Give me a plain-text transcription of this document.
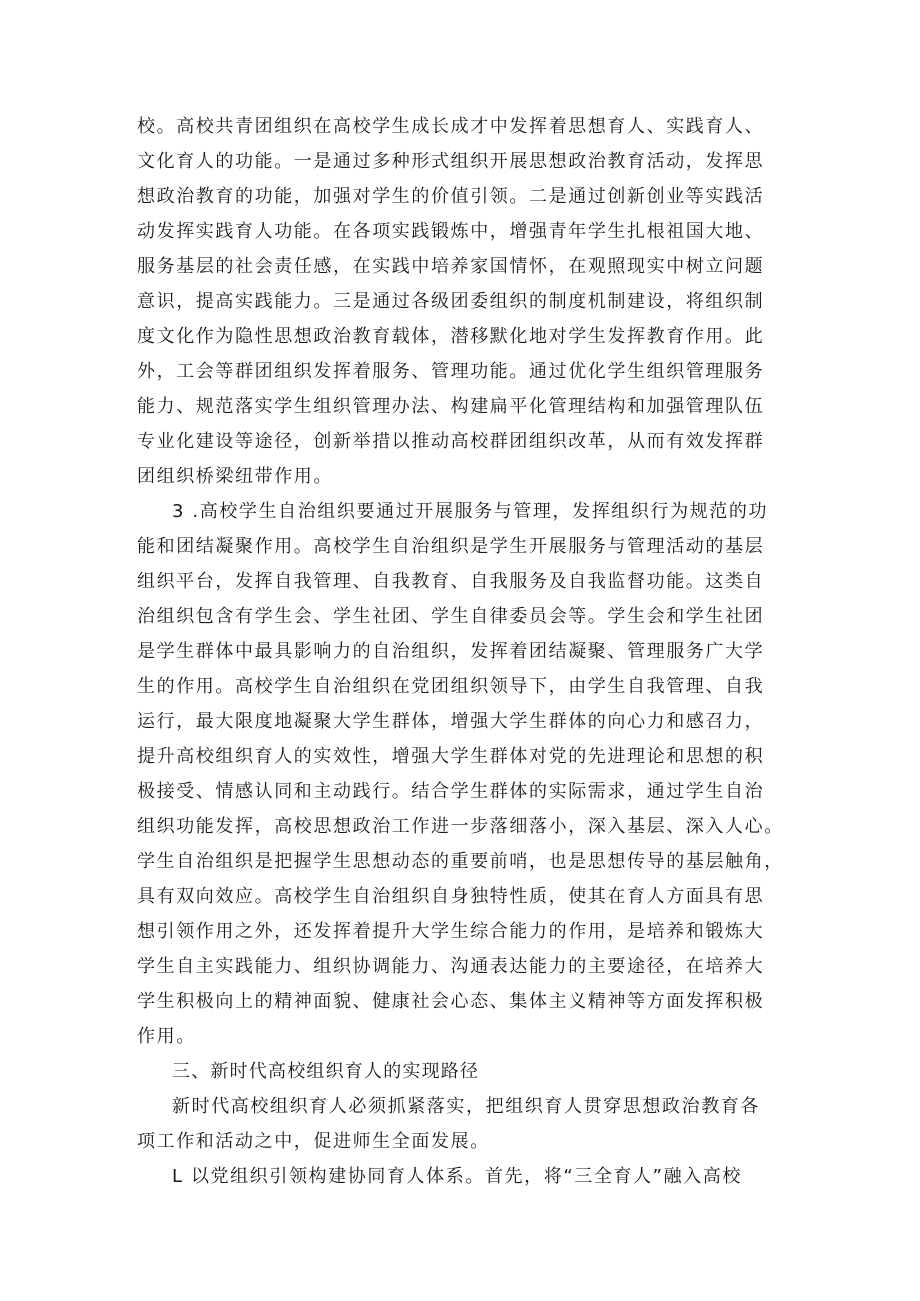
校。高校共青团组织在高校学生成长成才中发挥着思想育人、实践育人、
文化育人的功能。一是通过多种形式组织开展思想政治教育活动，发挥思
想政治教育的功能，加强对学生的价值引领。二是通过创新创业等实践活
动发挥实践育人功能。在各项实践锻炼中，增强青年学生扎根祖国大地、
服务基层的社会责任感，在实践中培养家国情怀，在观照现实中树立问题
意识，提高实践能力。三是通过各级团委组织的制度机制建设，将组织制
度文化作为隐性思想政治教育载体，潜移默化地对学生发挥教育作用。此
外，工会等群团组织发挥着服务、管理功能。通过优化学生组织管理服务
能力、规范落实学生组织管理办法、构建扁平化管理结构和加强管理队伍
专业化建设等途径，创新举措以推动高校群团组织改革，从而有效发挥群
团组织桥梁纽带作用。
3 .高校学生自治组织要通过开展服务与管理，发挥组织行为规范的功
能和团结凝聚作用。高校学生自治组织是学生开展服务与管理活动的基层
组织平台，发挥自我管理、自我教育、自我服务及自我监督功能。这类自
治组织包含有学生会、学生社团、学生自律委员会等。学生会和学生社团
是学生群体中最具影响力的自治组织，发挥着团结凝聚、管理服务广大学
生的作用。高校学生自治组织在党团组织领导下，由学生自我管理、自我
运行，最大限度地凝聚大学生群体，增强大学生群体的向心力和感召力，
提升高校组织育人的实效性，增强大学生群体对党的先进理论和思想的积
极接受、情感认同和主动践行。结合学生群体的实际需求，通过学生自治
组织功能发挥，高校思想政治工作进一步落细落小，深入基层、深入人心。
学生自治组织是把握学生思想动态的重要前哨，也是思想传导的基层触角，
具有双向效应。高校学生自治组织自身独特性质，使其在育人方面具有思
想引领作用之外，还发挥着提升大学生综合能力的作用，是培养和锻炼大
学生自主实践能力、组织协调能力、沟通表达能力的主要途径，在培养大
学生积极向上的精神面貌、健康社会心态、集体主义精神等方面发挥积极
作用。
三、新时代高校组织育人的实现路径
新时代高校组织育人必须抓紧落实，把组织育人贯穿思想政治教育各
项工作和活动之中，促进师生全面发展。
L 以党组织引领构建协同育人体系。首先，将“三全育人”融入高校
